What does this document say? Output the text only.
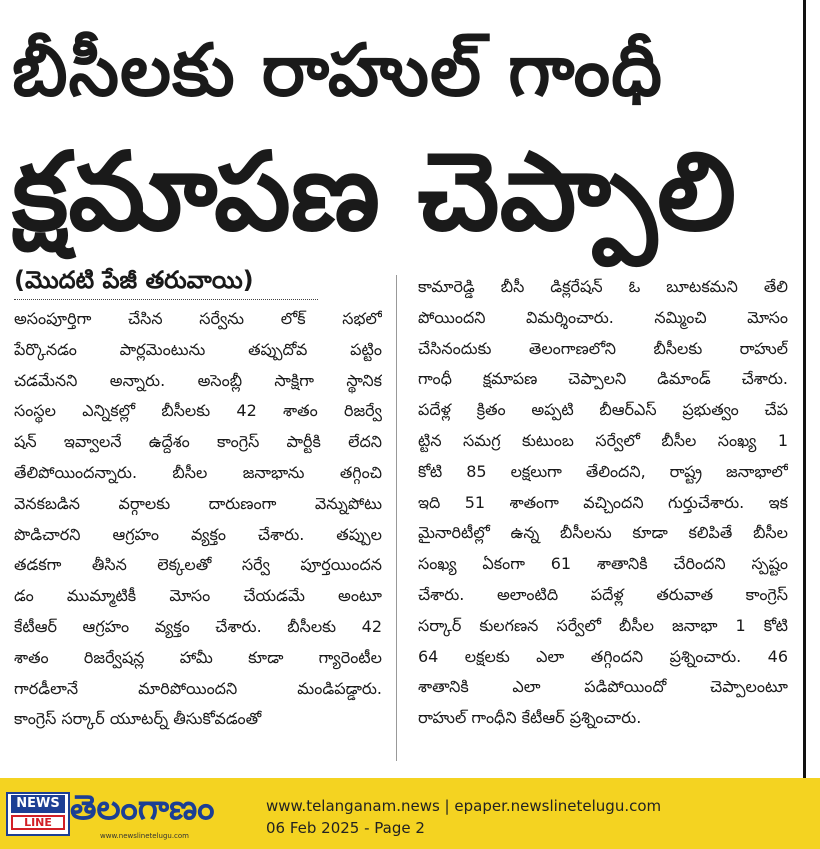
బీసీలకు రాహుల్ గాంధీ
క్షమాపణ చెప్పాలి
(మొదటి పేజీ తరువాయి)
అసంపూర్తిగా చేసిన సర్వేను లోక్ సభలో
పేర్కొనడం పార్లమెంటును తప్పుదోవ పట్టిం
చడమేనని అన్నారు. అసెంబ్లీ సాక్షిగా స్థానిక
సంస్థల ఎన్నికల్లో బీసీలకు 42 శాతం రిజర్వే
షన్ ఇవ్వాలనే ఉద్దేశం కాంగ్రెస్ పార్టీకి లేదని
తేలిపోయిందన్నారు. బీసీల జనాభాను తగ్గించి
వెనకబడిన వర్గాలకు దారుణంగా వెన్నుపోటు
పొడిచారని ఆగ్రహం వ్యక్తం చేశారు. తప్పుల
తడకగా తీసిన లెక్కలతో సర్వే పూర్తయిందన
డం ముమ్మాటికీ మోసం చేయడమే అంటూ
కేటీఆర్ ఆగ్రహం వ్యక్తం చేశారు. బీసీలకు 42
శాతం రిజర్వేషన్ల హామీ కూడా గ్యారెంటీల
గారడీలానే మారిపోయిందని మండిపడ్డారు.
కాంగ్రెస్ సర్కార్ యూటర్న్ తీసుకోవడంతో
కామారెడ్డి బీసీ డిక్లరేషన్ ఓ బూటకమని తేలి
పోయిందని విమర్శించారు. నమ్మించి మోసం
చేసినందుకు తెలంగాణలోని బీసీలకు రాహుల్
గాంధీ క్షమాపణ చెప్పాలని డిమాండ్ చేశారు.
పదేళ్ల క్రితం అప్పటి బీఆర్ఎస్ ప్రభుత్వం చేప
ట్టిన సమగ్ర కుటుంబ సర్వేలో బీసీల సంఖ్య 1
కోటి 85 లక్షలుగా తేలిందని, రాష్ట్ర జనాభాలో
ఇది 51 శాతంగా వచ్చిందని గుర్తుచేశారు. ఇక
మైనారిటీల్లో ఉన్న బీసీలను కూడా కలిపితే బీసీల
సంఖ్య ఏకంగా 61 శాతానికి చేరిందని స్పష్టం
చేశారు. అలాంటిది పదేళ్ల తరువాత కాంగ్రెస్
సర్కార్ కులగణన సర్వేలో బీసీల జనాభా 1 కోటి
64 లక్షలకు ఎలా తగ్గిందని ప్రశ్నించారు. 46
శాతానికి ఎలా పడిపోయిందో చెప్పాలంటూ
రాహుల్ గాంధీని కేటీఆర్ ప్రశ్నించారు.
NEWS
LINE తెలంగాణం
www.newslinetelugu.com
www.telanganam.news | epaper.newslinetelugu.com
06 Feb 2025 - Page 2
